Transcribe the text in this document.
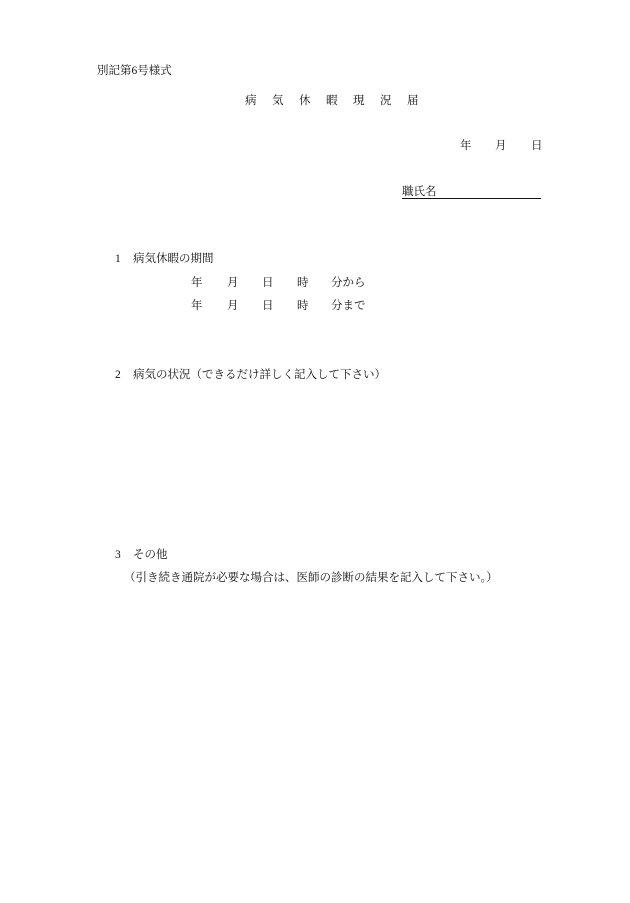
別記第6号様式
病気休暇現況届
年 月 日
職氏名
1 病気休暇の期間
年 月 日 時 分から
年 月 日 時 分まで
2 病気の状況（できるだけ詳しく記入して下さい）
3 その他
（引き続き通院が必要な場合は、医師の診断の結果を記入して下さい。）
